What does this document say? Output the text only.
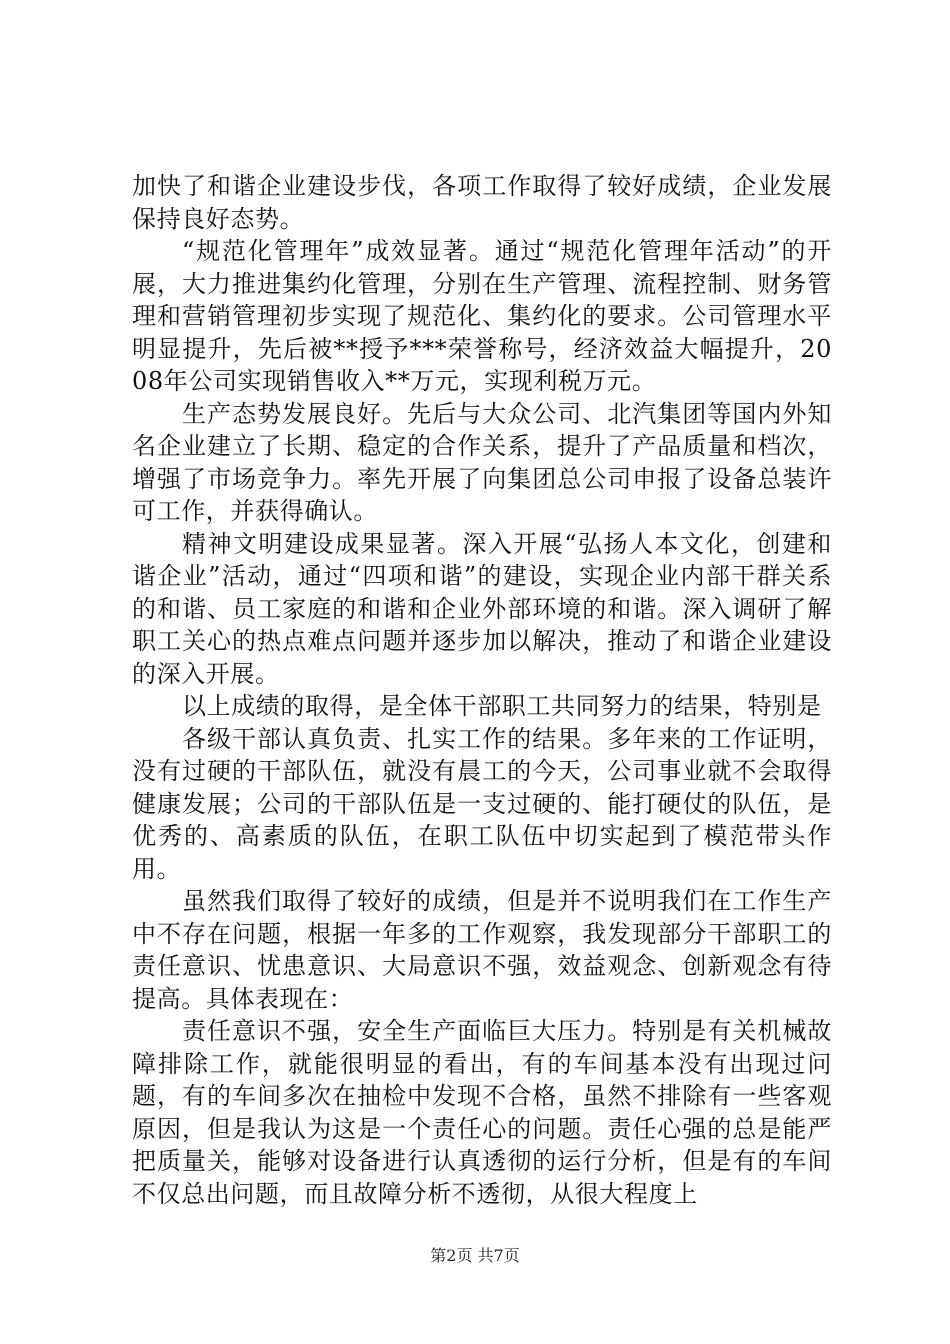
加快了和谐企业建设步伐，各项工作取得了较好成绩，企业发展保持良好态势。

“规范化管理年”成效显著。通过“规范化管理年活动”的开展，大力推进集约化管理，分别在生产管理、流程控制、财务管理和营销管理初步实现了规范化、集约化的要求。公司管理水平明显提升，先后被**授予***荣誉称号，经济效益大幅提升，2008年公司实现销售收入**万元，实现利税万元。

生产态势发展良好。先后与大众公司、北汽集团等国内外知名企业建立了长期、稳定的合作关系，提升了产品质量和档次，增强了市场竞争力。率先开展了向集团总公司申报了设备总装许可工作，并获得确认。

精神文明建设成果显著。深入开展“弘扬人本文化，创建和谐企业”活动，通过“四项和谐”的建设，实现企业内部干群关系的和谐、员工家庭的和谐和企业外部环境的和谐。深入调研了解职工关心的热点难点问题并逐步加以解决，推动了和谐企业建设的深入开展。

以上成绩的取得，是全体干部职工共同努力的结果，特别是

各级干部认真负责、扎实工作的结果。多年来的工作证明，没有过硬的干部队伍，就没有晨工的今天，公司事业就不会取得健康发展；公司的干部队伍是一支过硬的、能打硬仗的队伍，是优秀的、高素质的队伍，在职工队伍中切实起到了模范带头作用。

虽然我们取得了较好的成绩，但是并不说明我们在工作生产中不存在问题，根据一年多的工作观察，我发现部分干部职工的责任意识、忧患意识、大局意识不强，效益观念、创新观念有待提高。具体表现在：

责任意识不强，安全生产面临巨大压力。特别是有关机械故障排除工作，就能很明显的看出，有的车间基本没有出现过问题，有的车间多次在抽检中发现不合格，虽然不排除有一些客观原因，但是我认为这是一个责任心的问题。责任心强的总是能严把质量关，能够对设备进行认真透彻的运行分析，但是有的车间不仅总出问题，而且故障分析不透彻，从很大程度上

第2页 共7页
